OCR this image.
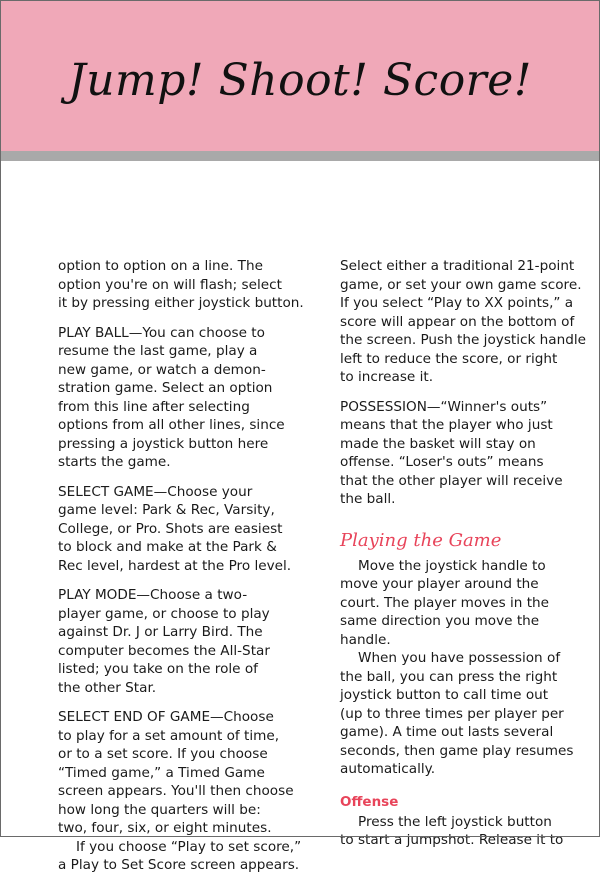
Jump! Shoot! Score!
option to option on a line. The
option you're on will flash; select
it by pressing either joystick button.
PLAY BALL—You can choose to
resume the last game, play a
new game, or watch a demon-
stration game. Select an option
from this line after selecting
options from all other lines, since
pressing a joystick button here
starts the game.
SELECT GAME—Choose your
game level: Park & Rec, Varsity,
College, or Pro. Shots are easiest
to block and make at the Park &
Rec level, hardest at the Pro level.
PLAY MODE—Choose a two-
player game, or choose to play
against Dr. J or Larry Bird. The
computer becomes the All-Star
listed; you take on the role of
the other Star.
SELECT END OF GAME—Choose
to play for a set amount of time,
or to a set score. If you choose
“Timed game,” a Timed Game
screen appears. You'll then choose
how long the quarters will be:
two, four, six, or eight minutes.
If you choose “Play to set score,”
a Play to Set Score screen appears.
Select either a traditional 21-point
game, or set your own game score.
If you select “Play to XX points,” a
score will appear on the bottom of
the screen. Push the joystick handle
left to reduce the score, or right
to increase it.
POSSESSION—“Winner's outs”
means that the player who just
made the basket will stay on
offense. “Loser's outs” means
that the other player will receive
the ball.
Playing the Game
Move the joystick handle to
move your player around the
court. The player moves in the
same direction you move the
handle.
When you have possession of
the ball, you can press the right
joystick button to call time out
(up to three times per player per
game). A time out lasts several
seconds, then game play resumes
automatically.
Offense
Press the left joystick button
to start a jumpshot. Release it to
